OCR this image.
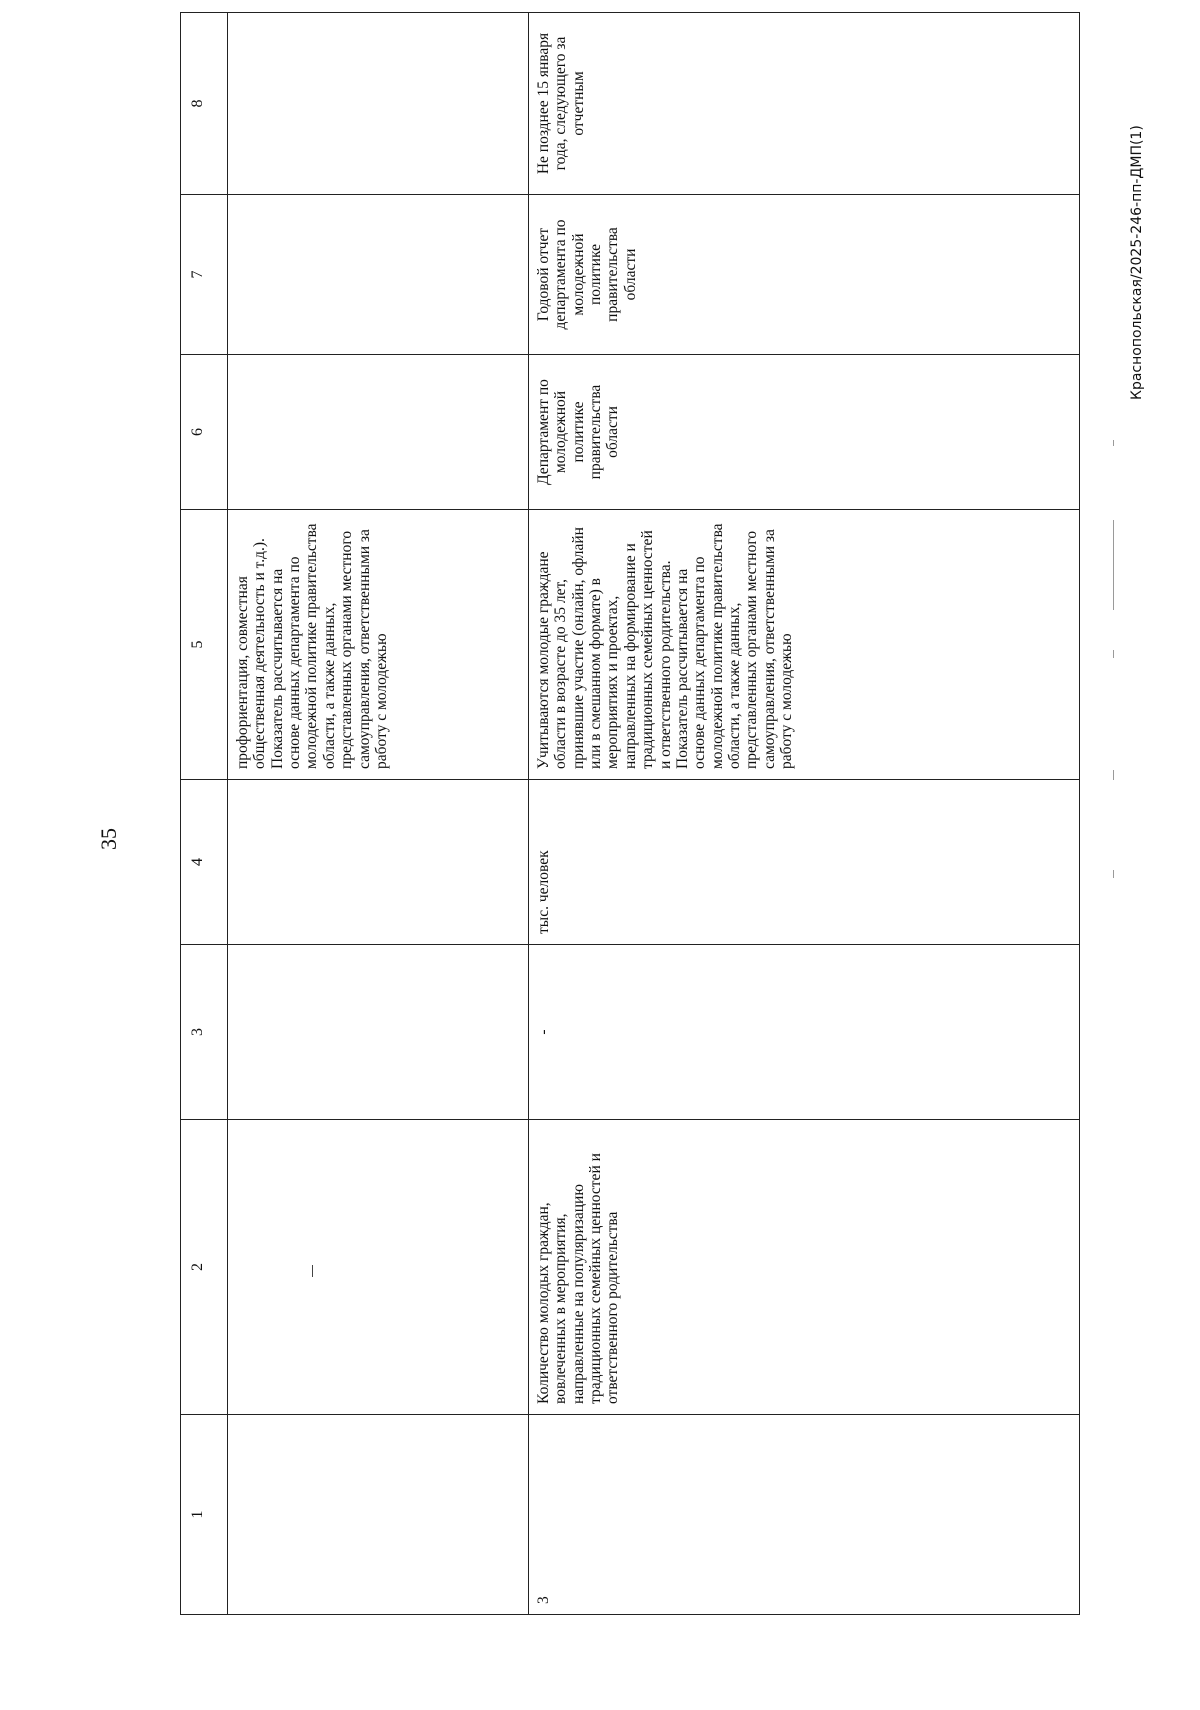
35
Краснопольская/2025-246-пп-ДМП(1)
1	2	3	4	5	6	7	8
				профориентация, совместная общественная деятельность и т.д.). Показатель рассчитывается на основе данных департамента по молодежной политике правительства области, а также данных, представленных органами местного самоуправления, ответственными за работу с молодежью			
3	Количество молодых граждан, вовлеченных в мероприятия, направленные на популяризацию традиционных семейных ценностей и ответственного родительства	-	тыс. человек	Учитываются молодые граждане области в возрасте до 35 лет, принявшие участие (онлайн, офлайн или в смешанном формате) в мероприятиях и проектах, направленных на формирование и традиционных семейных ценностей и ответственного родительства. Показатель рассчитывается на основе данных департамента по молодежной политике правительства области, а также данных, представленных органами местного самоуправления, ответственными за работу с молодежью	Департамент по молодежной политике правительства области	Годовой отчет департамента по молодежной политике правительства области	Не позднее 15 января года, следующего за отчетным
